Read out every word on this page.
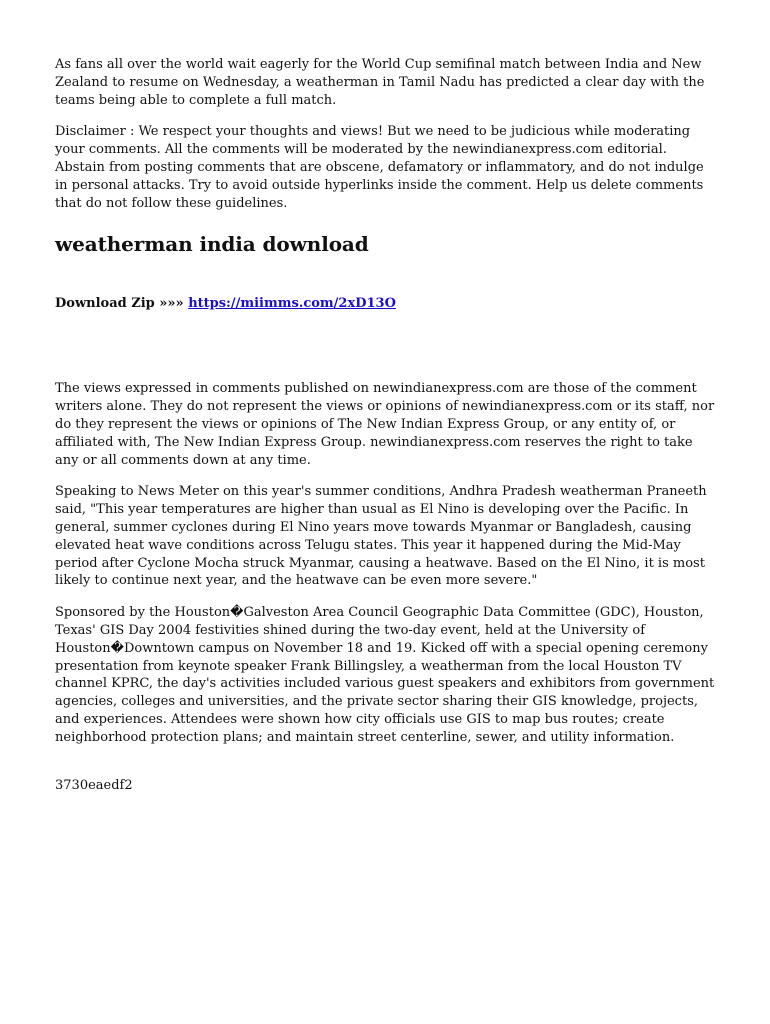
As fans all over the world wait eagerly for the World Cup semifinal match between India and New Zealand to resume on Wednesday, a weatherman in Tamil Nadu has predicted a clear day with the teams being able to complete a full match.

Disclaimer : We respect your thoughts and views! But we need to be judicious while moderating your comments. All the comments will be moderated by the newindianexpress.com editorial. Abstain from posting comments that are obscene, defamatory or inflammatory, and do not indulge in personal attacks. Try to avoid outside hyperlinks inside the comment. Help us delete comments that do not follow these guidelines.

weatherman india download

Download Zip »»» https://miimms.com/2xD13O

The views expressed in comments published on newindianexpress.com are those of the comment writers alone. They do not represent the views or opinions of newindianexpress.com or its staff, nor do they represent the views or opinions of The New Indian Express Group, or any entity of, or affiliated with, The New Indian Express Group. newindianexpress.com reserves the right to take any or all comments down at any time.

Speaking to News Meter on this year's summer conditions, Andhra Pradesh weatherman Praneeth said, "This year temperatures are higher than usual as El Nino is developing over the Pacific. In general, summer cyclones during El Nino years move towards Myanmar or Bangladesh, causing elevated heat wave conditions across Telugu states. This year it happened during the Mid-May period after Cyclone Mocha struck Myanmar, causing a heatwave. Based on the El Nino, it is most likely to continue next year, and the heatwave can be even more severe."

Sponsored by the Houston�Galveston Area Council Geographic Data Committee (GDC), Houston, Texas' GIS Day 2004 festivities shined during the two-day event, held at the University of Houston�Downtown campus on November 18 and 19. Kicked off with a special opening ceremony presentation from keynote speaker Frank Billingsley, a weatherman from the local Houston TV channel KPRC, the day's activities included various guest speakers and exhibitors from government agencies, colleges and universities, and the private sector sharing their GIS knowledge, projects, and experiences. Attendees were shown how city officials use GIS to map bus routes; create neighborhood protection plans; and maintain street centerline, sewer, and utility information.

3730eaedf2
